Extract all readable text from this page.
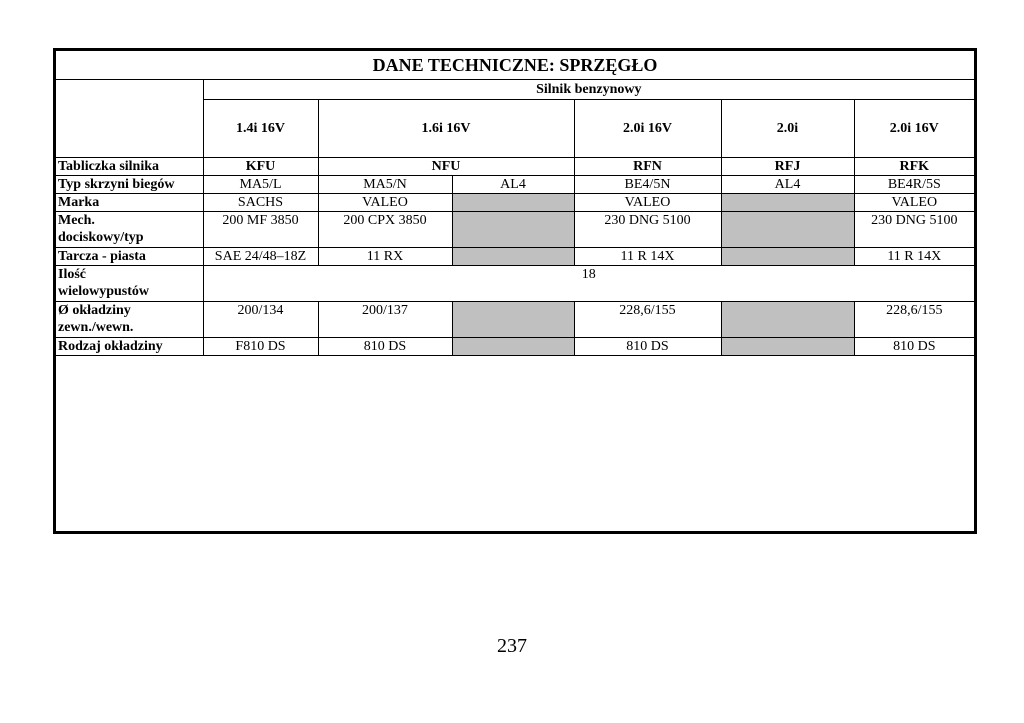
DANE TECHNICZNE: SPRZĘGŁO						
	Silnik benzynowy					
	1.4i 16V	1.6i 16V		2.0i 16V	2.0i	2.0i 16V
Tabliczka silnika	KFU	NFU		RFN	RFJ	RFK
Typ skrzyni biegów	MA5/L	MA5/N	AL4	BE4/5N	AL4	BE4R/5S
Marka	SACHS	VALEO		VALEO		VALEO
Mech.
dociskowy/typ	200 MF 3850	200 CPX 3850		230 DNG 5100		230 DNG 5100
Tarcza - piasta	SAE 24/48–18Z	11 RX		11 R 14X		11 R 14X
Ilość
wielowypustów	18					
Ø okładziny
zewn./wewn.	200/134	200/137		228,6/155		228,6/155
Rodzaj okładziny	F810 DS	810 DS		810 DS		810 DS
237
